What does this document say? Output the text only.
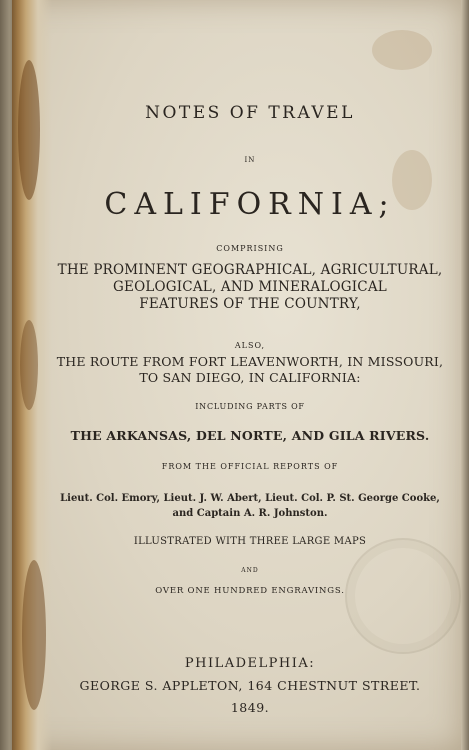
NOTES OF TRAVEL
IN
CALIFORNIA;
COMPRISING
THE PROMINENT GEOGRAPHICAL, AGRICULTURAL,
GEOLOGICAL, AND MINERALOGICAL
FEATURES OF THE COUNTRY,
ALSO,
THE ROUTE FROM FORT LEAVENWORTH, IN MISSOURI,
TO SAN DIEGO, IN CALIFORNIA:
INCLUDING PARTS OF
THE ARKANSAS, DEL NORTE, AND GILA RIVERS.
FROM THE OFFICIAL REPORTS OF
Lieut. Col. Emory, Lieut. J. W. Abert, Lieut. Col. P. St. George Cooke,
and Captain A. R. Johnston.
ILLUSTRATED WITH THREE LARGE MAPS
AND
OVER ONE HUNDRED ENGRAVINGS.
PHILADELPHIA:
GEORGE S. APPLETON, 164 CHESTNUT STREET.
1849.
